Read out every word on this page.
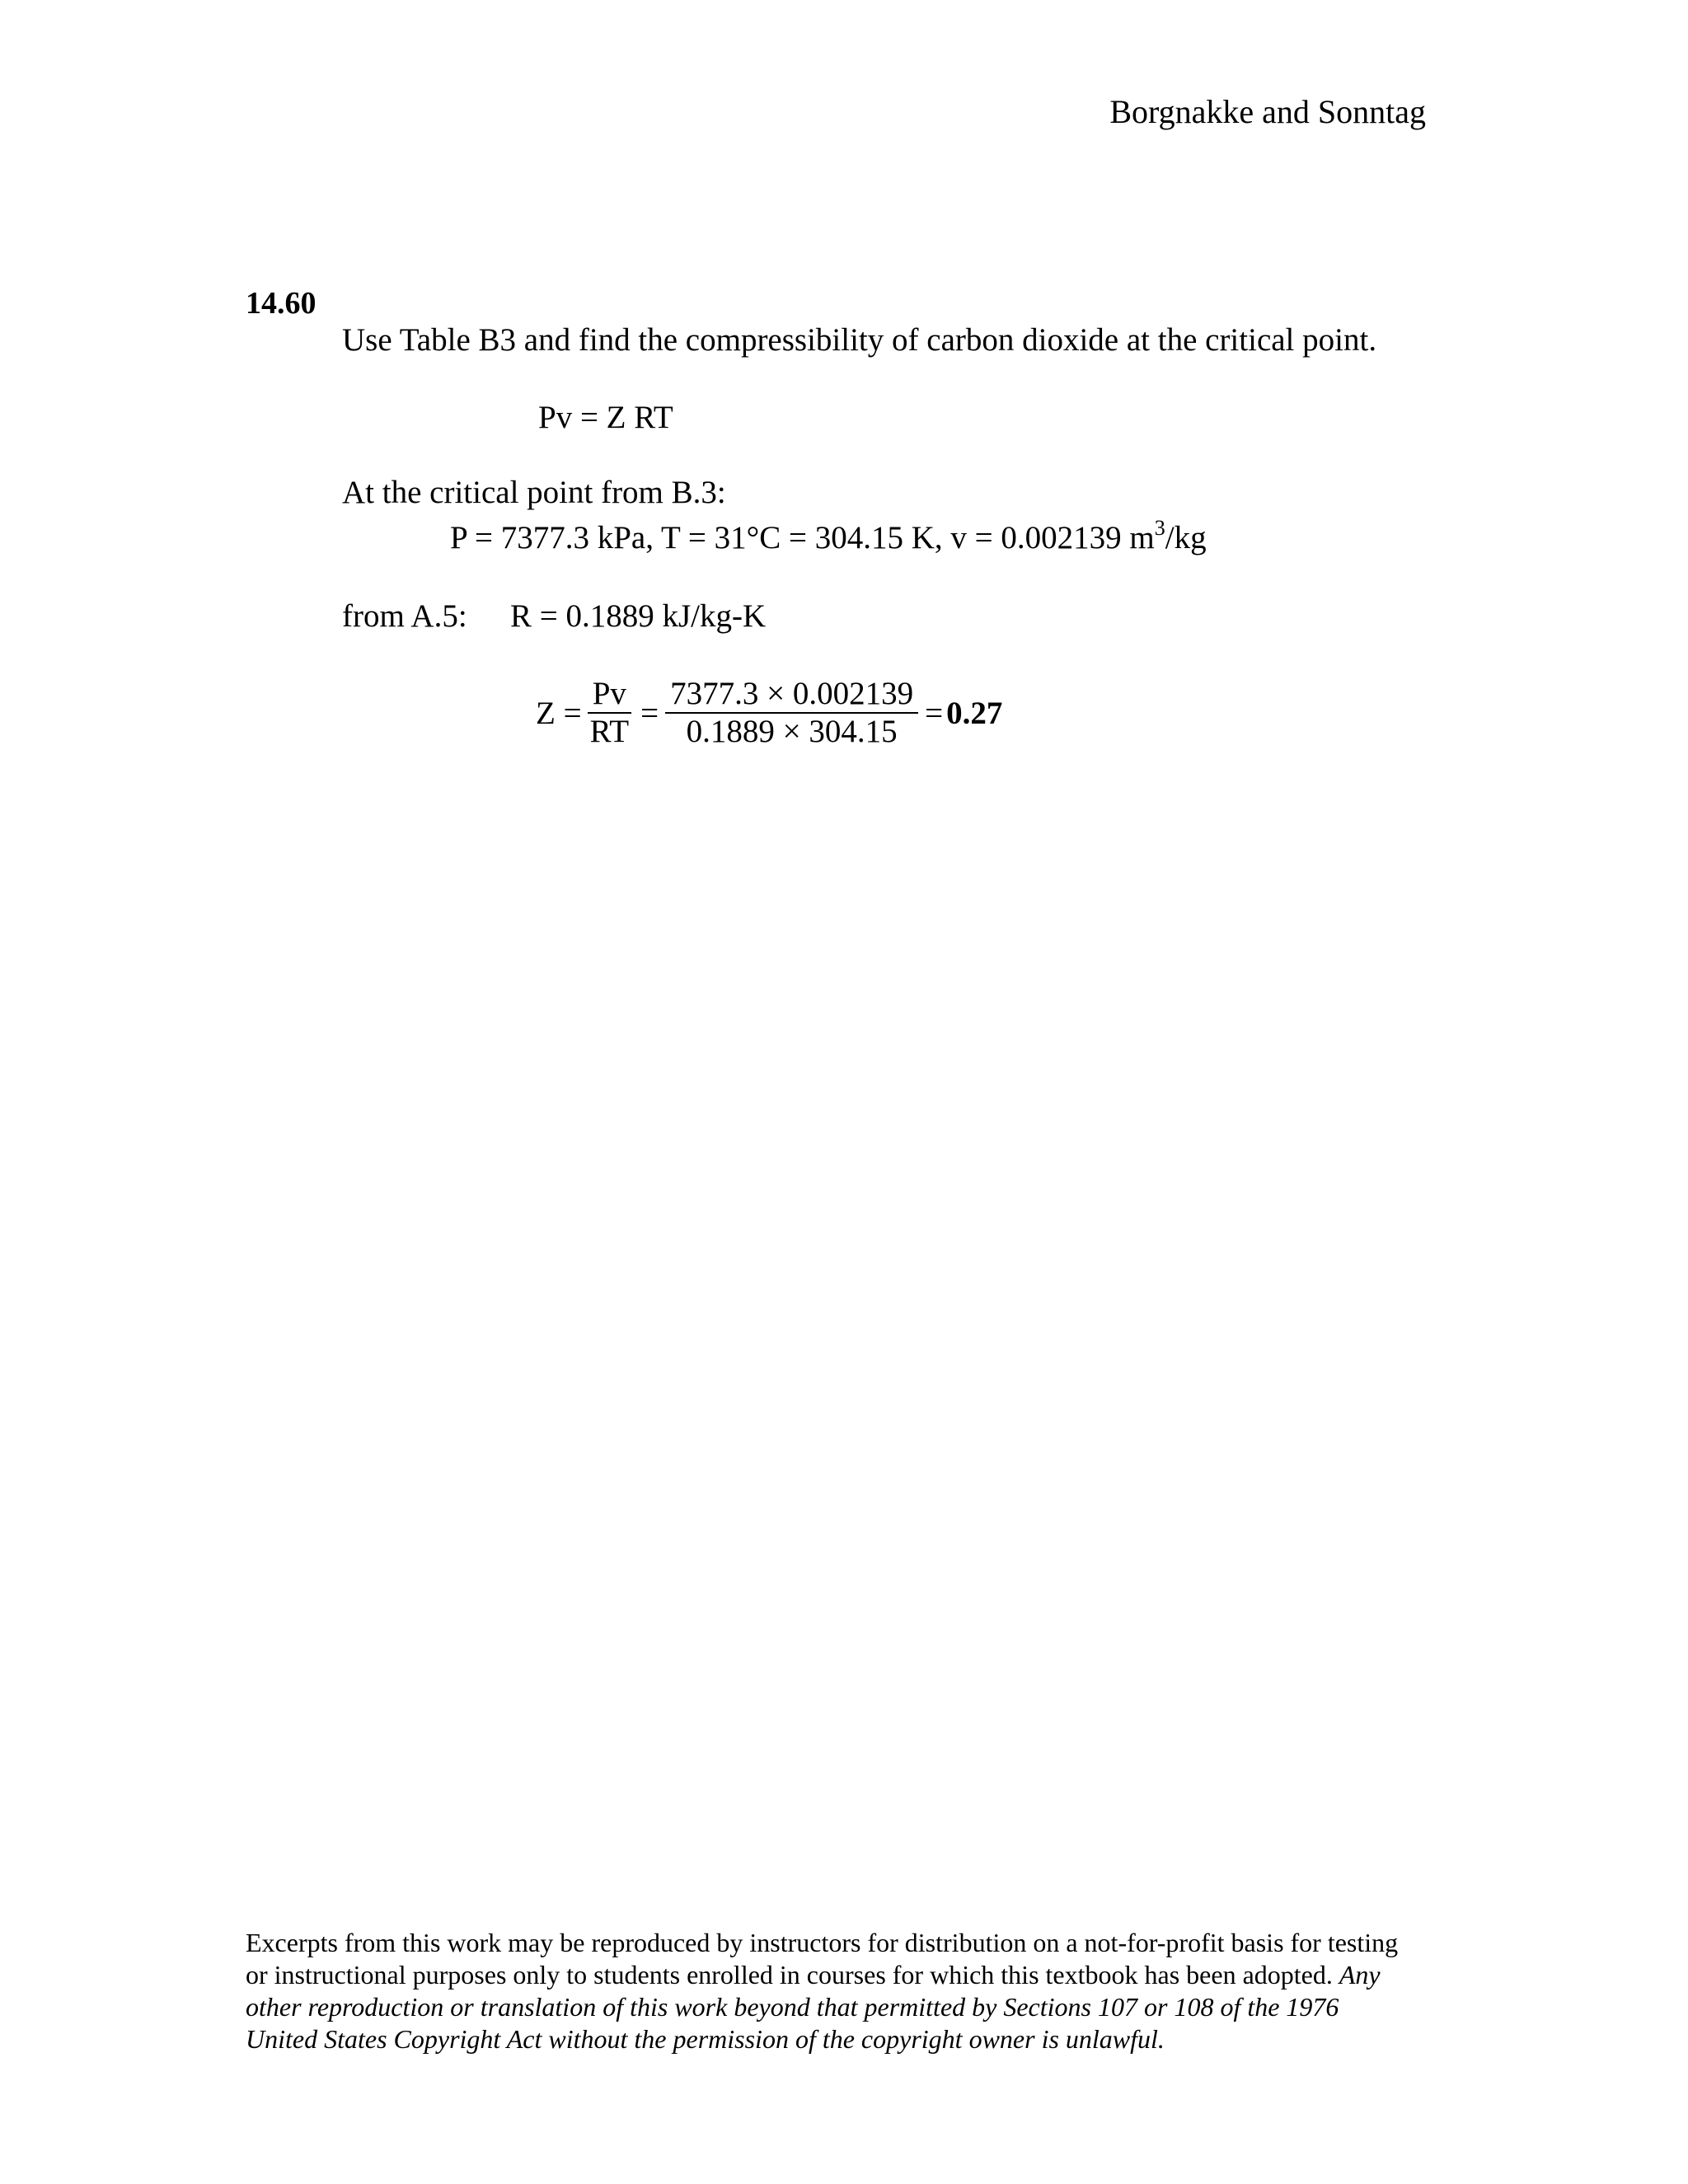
Borgnakke and Sonntag
14.60
Use Table B3 and find the compressibility of carbon dioxide at the critical point.
Pv = Z RT
At the critical point from B.3:
P = 7377.3 kPa, T = 31°C = 304.15 K, v = 0.002139 $m^3/kg$
from A.5: R = 0.1889 kJ/kg-K
$Z = \frac{Pv}{RT} = \frac{7377.3 \times 0.002139}{0.1889 \times 304.15} = 0.27$
Excerpts from this work may be reproduced by instructors for distribution on a not-for-profit basis for testing or instructional purposes only to students enrolled in courses for which this textbook has been adopted. Any other reproduction or translation of this work beyond that permitted by Sections 107 or 108 of the 1976 United States Copyright Act without the permission of the copyright owner is unlawful.
